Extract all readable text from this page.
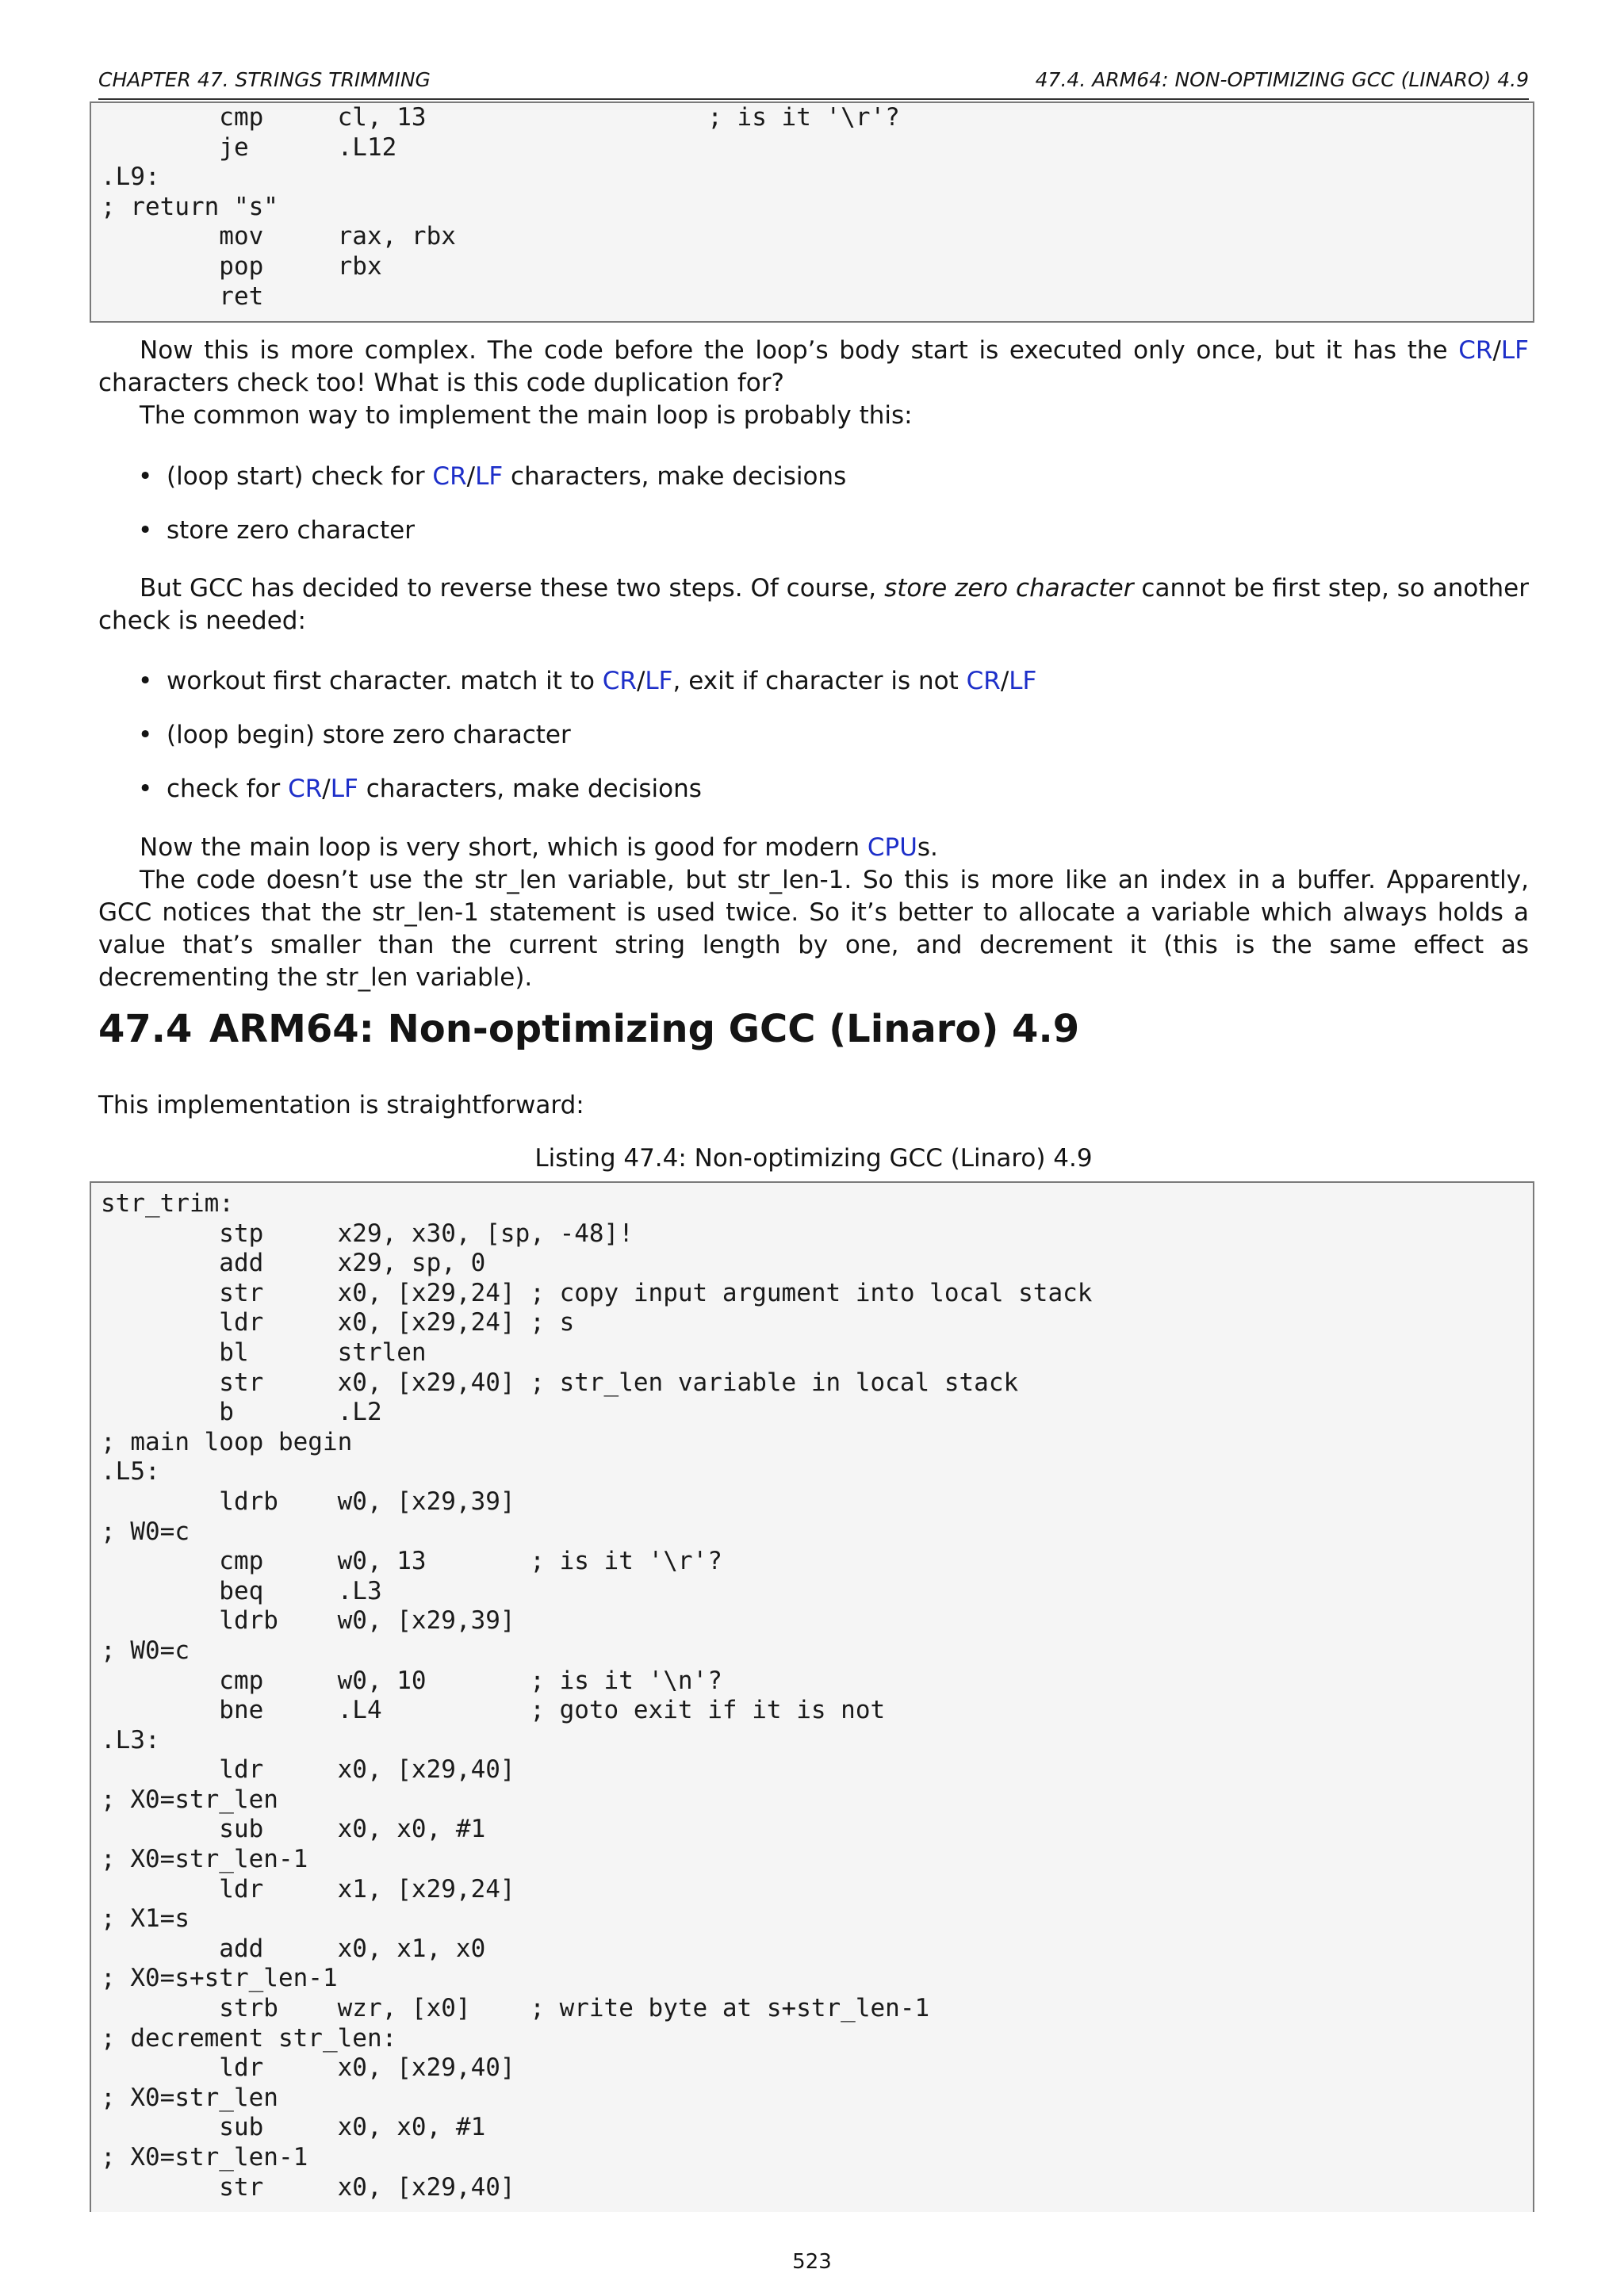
CHAPTER 47. STRINGS TRIMMING	47.4. ARM64: NON-OPTIMIZING GCC (LINARO) 4.9
cmp     cl, 13                   ; is it '\r'?
je      .L12
.L9:
; return "s"
mov     rax, rbx
pop     rbx
ret

Now this is more complex. The code before the loop’s body start is executed only once, but it has the CR/LF characters check too! What is this code duplication for?

The common way to implement the main loop is probably this:

• (loop start) check for CR/LF characters, make decisions
• store zero character

But GCC has decided to reverse these two steps. Of course, store zero character cannot be first step, so another check is needed:

• workout first character. match it to CR/LF, exit if character is not CR/LF
• (loop begin) store zero character
• check for CR/LF characters, make decisions

Now the main loop is very short, which is good for modern CPUs.

The code doesn’t use the str_len variable, but str_len-1. So this is more like an index in a buffer. Apparently, GCC notices that the str_len-1 statement is used twice. So it’s better to allocate a variable which always holds a value that’s smaller than the current string length by one, and decrement it (this is the same effect as decrementing the str_len variable).

47.4 ARM64: Non-optimizing GCC (Linaro) 4.9
This implementation is straightforward:
Listing 47.4: Non-optimizing GCC (Linaro) 4.9
str_trim:
stp     x29, x30, [sp, -48]!
add     x29, sp, 0
str     x0, [x29,24] ; copy input argument into local stack
ldr     x0, [x29,24] ; s
bl      strlen
str     x0, [x29,40] ; str_len variable in local stack
b       .L2
; main loop begin
.L5:
ldrb    w0, [x29,39]
; W0=c
cmp     w0, 13       ; is it '\r'?
beq     .L3
ldrb    w0, [x29,39]
; W0=c
cmp     w0, 10       ; is it '\n'?
bne     .L4          ; goto exit if it is not
.L3:
ldr     x0, [x29,40]
; X0=str_len
sub     x0, x0, #1
; X0=str_len-1
ldr     x1, [x29,24]
; X1=s
add     x0, x1, x0
; X0=s+str_len-1
strb    wzr, [x0]    ; write byte at s+str_len-1
; decrement str_len:
ldr     x0, [x29,40]
; X0=str_len
sub     x0, x0, #1
; X0=str_len-1
str     x0, [x29,40]
523
